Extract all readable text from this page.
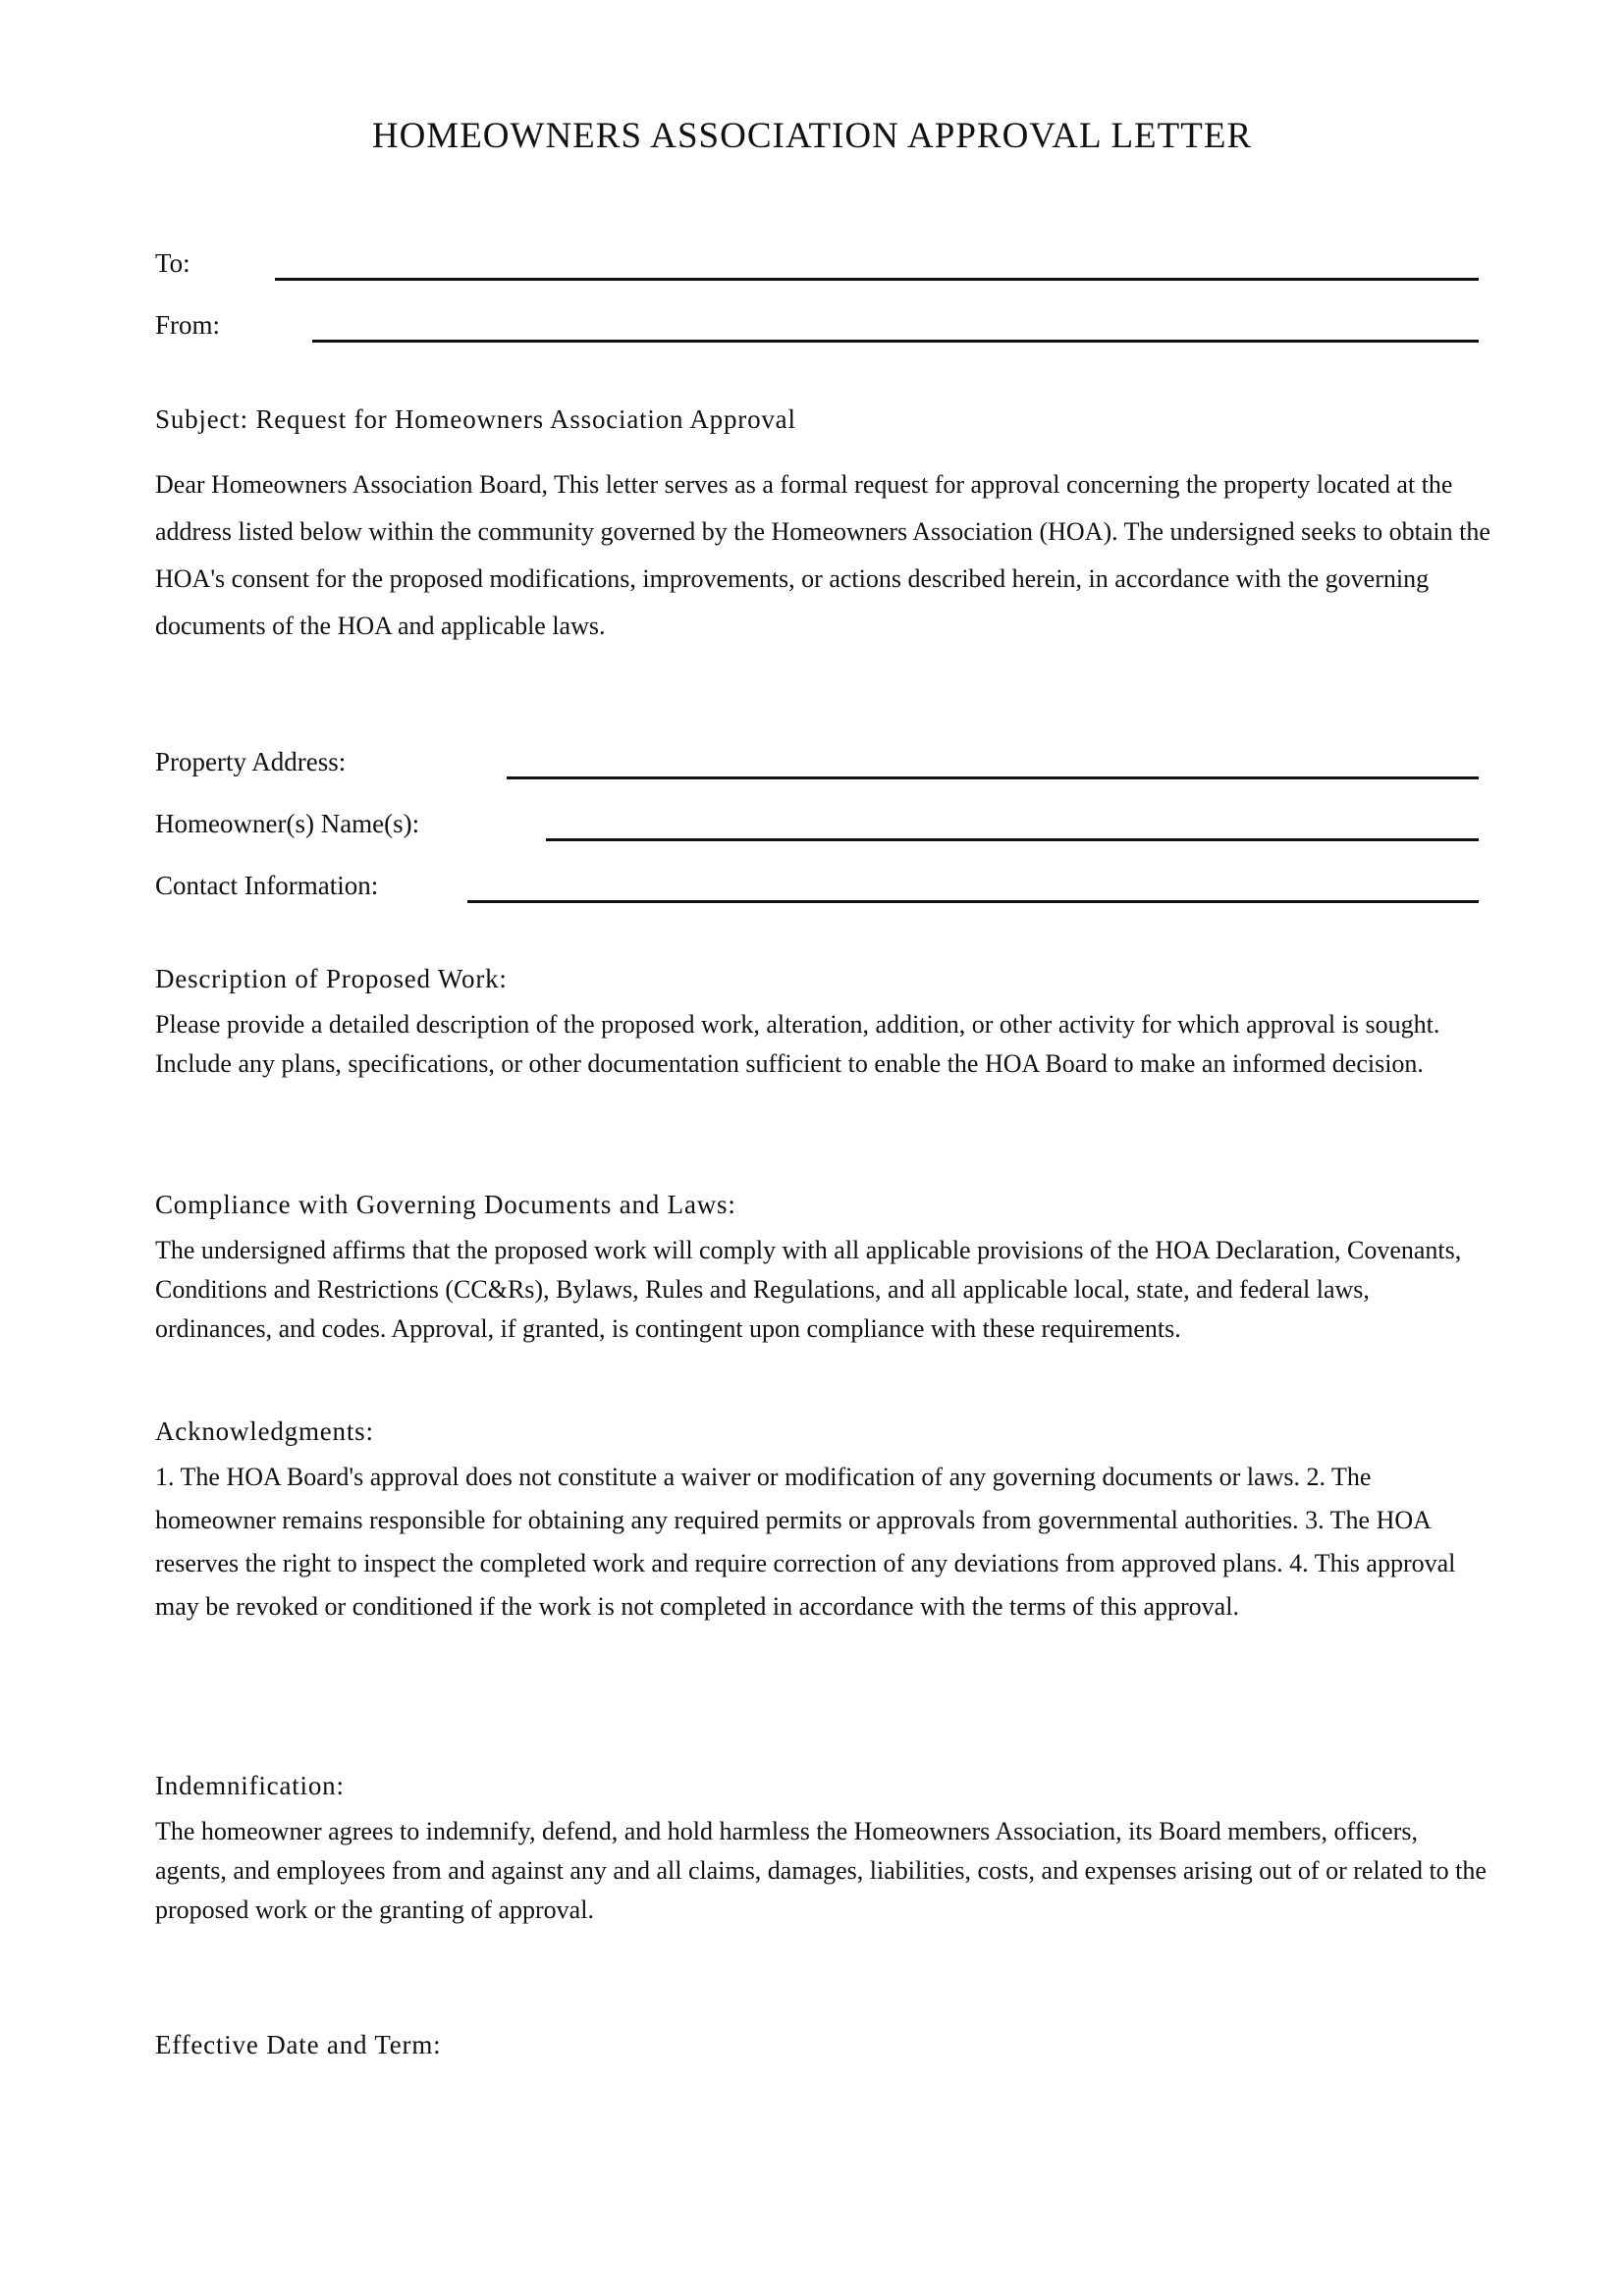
HOMEOWNERS ASSOCIATION APPROVAL LETTER
To:
From:
Subject: Request for Homeowners Association Approval
Dear Homeowners Association Board, This letter serves as a formal request for approval concerning the property located at the address listed below within the community governed by the Homeowners Association (HOA). The undersigned seeks to obtain the HOA's consent for the proposed modifications, improvements, or actions described herein, in accordance with the governing documents of the HOA and applicable laws.
Property Address:
Homeowner(s) Name(s):
Contact Information:
Description of Proposed Work:
Please provide a detailed description of the proposed work, alteration, addition, or other activity for which approval is sought. Include any plans, specifications, or other documentation sufficient to enable the HOA Board to make an informed decision.
Compliance with Governing Documents and Laws:
The undersigned affirms that the proposed work will comply with all applicable provisions of the HOA Declaration, Covenants, Conditions and Restrictions (CC&Rs), Bylaws, Rules and Regulations, and all applicable local, state, and federal laws, ordinances, and codes. Approval, if granted, is contingent upon compliance with these requirements.
Acknowledgments:
1. The HOA Board's approval does not constitute a waiver or modification of any governing documents or laws. 2. The homeowner remains responsible for obtaining any required permits or approvals from governmental authorities. 3. The HOA reserves the right to inspect the completed work and require correction of any deviations from approved plans. 4. This approval may be revoked or conditioned if the work is not completed in accordance with the terms of this approval.
Indemnification:
The homeowner agrees to indemnify, defend, and hold harmless the Homeowners Association, its Board members, officers, agents, and employees from and against any and all claims, damages, liabilities, costs, and expenses arising out of or related to the proposed work or the granting of approval.
Effective Date and Term:
